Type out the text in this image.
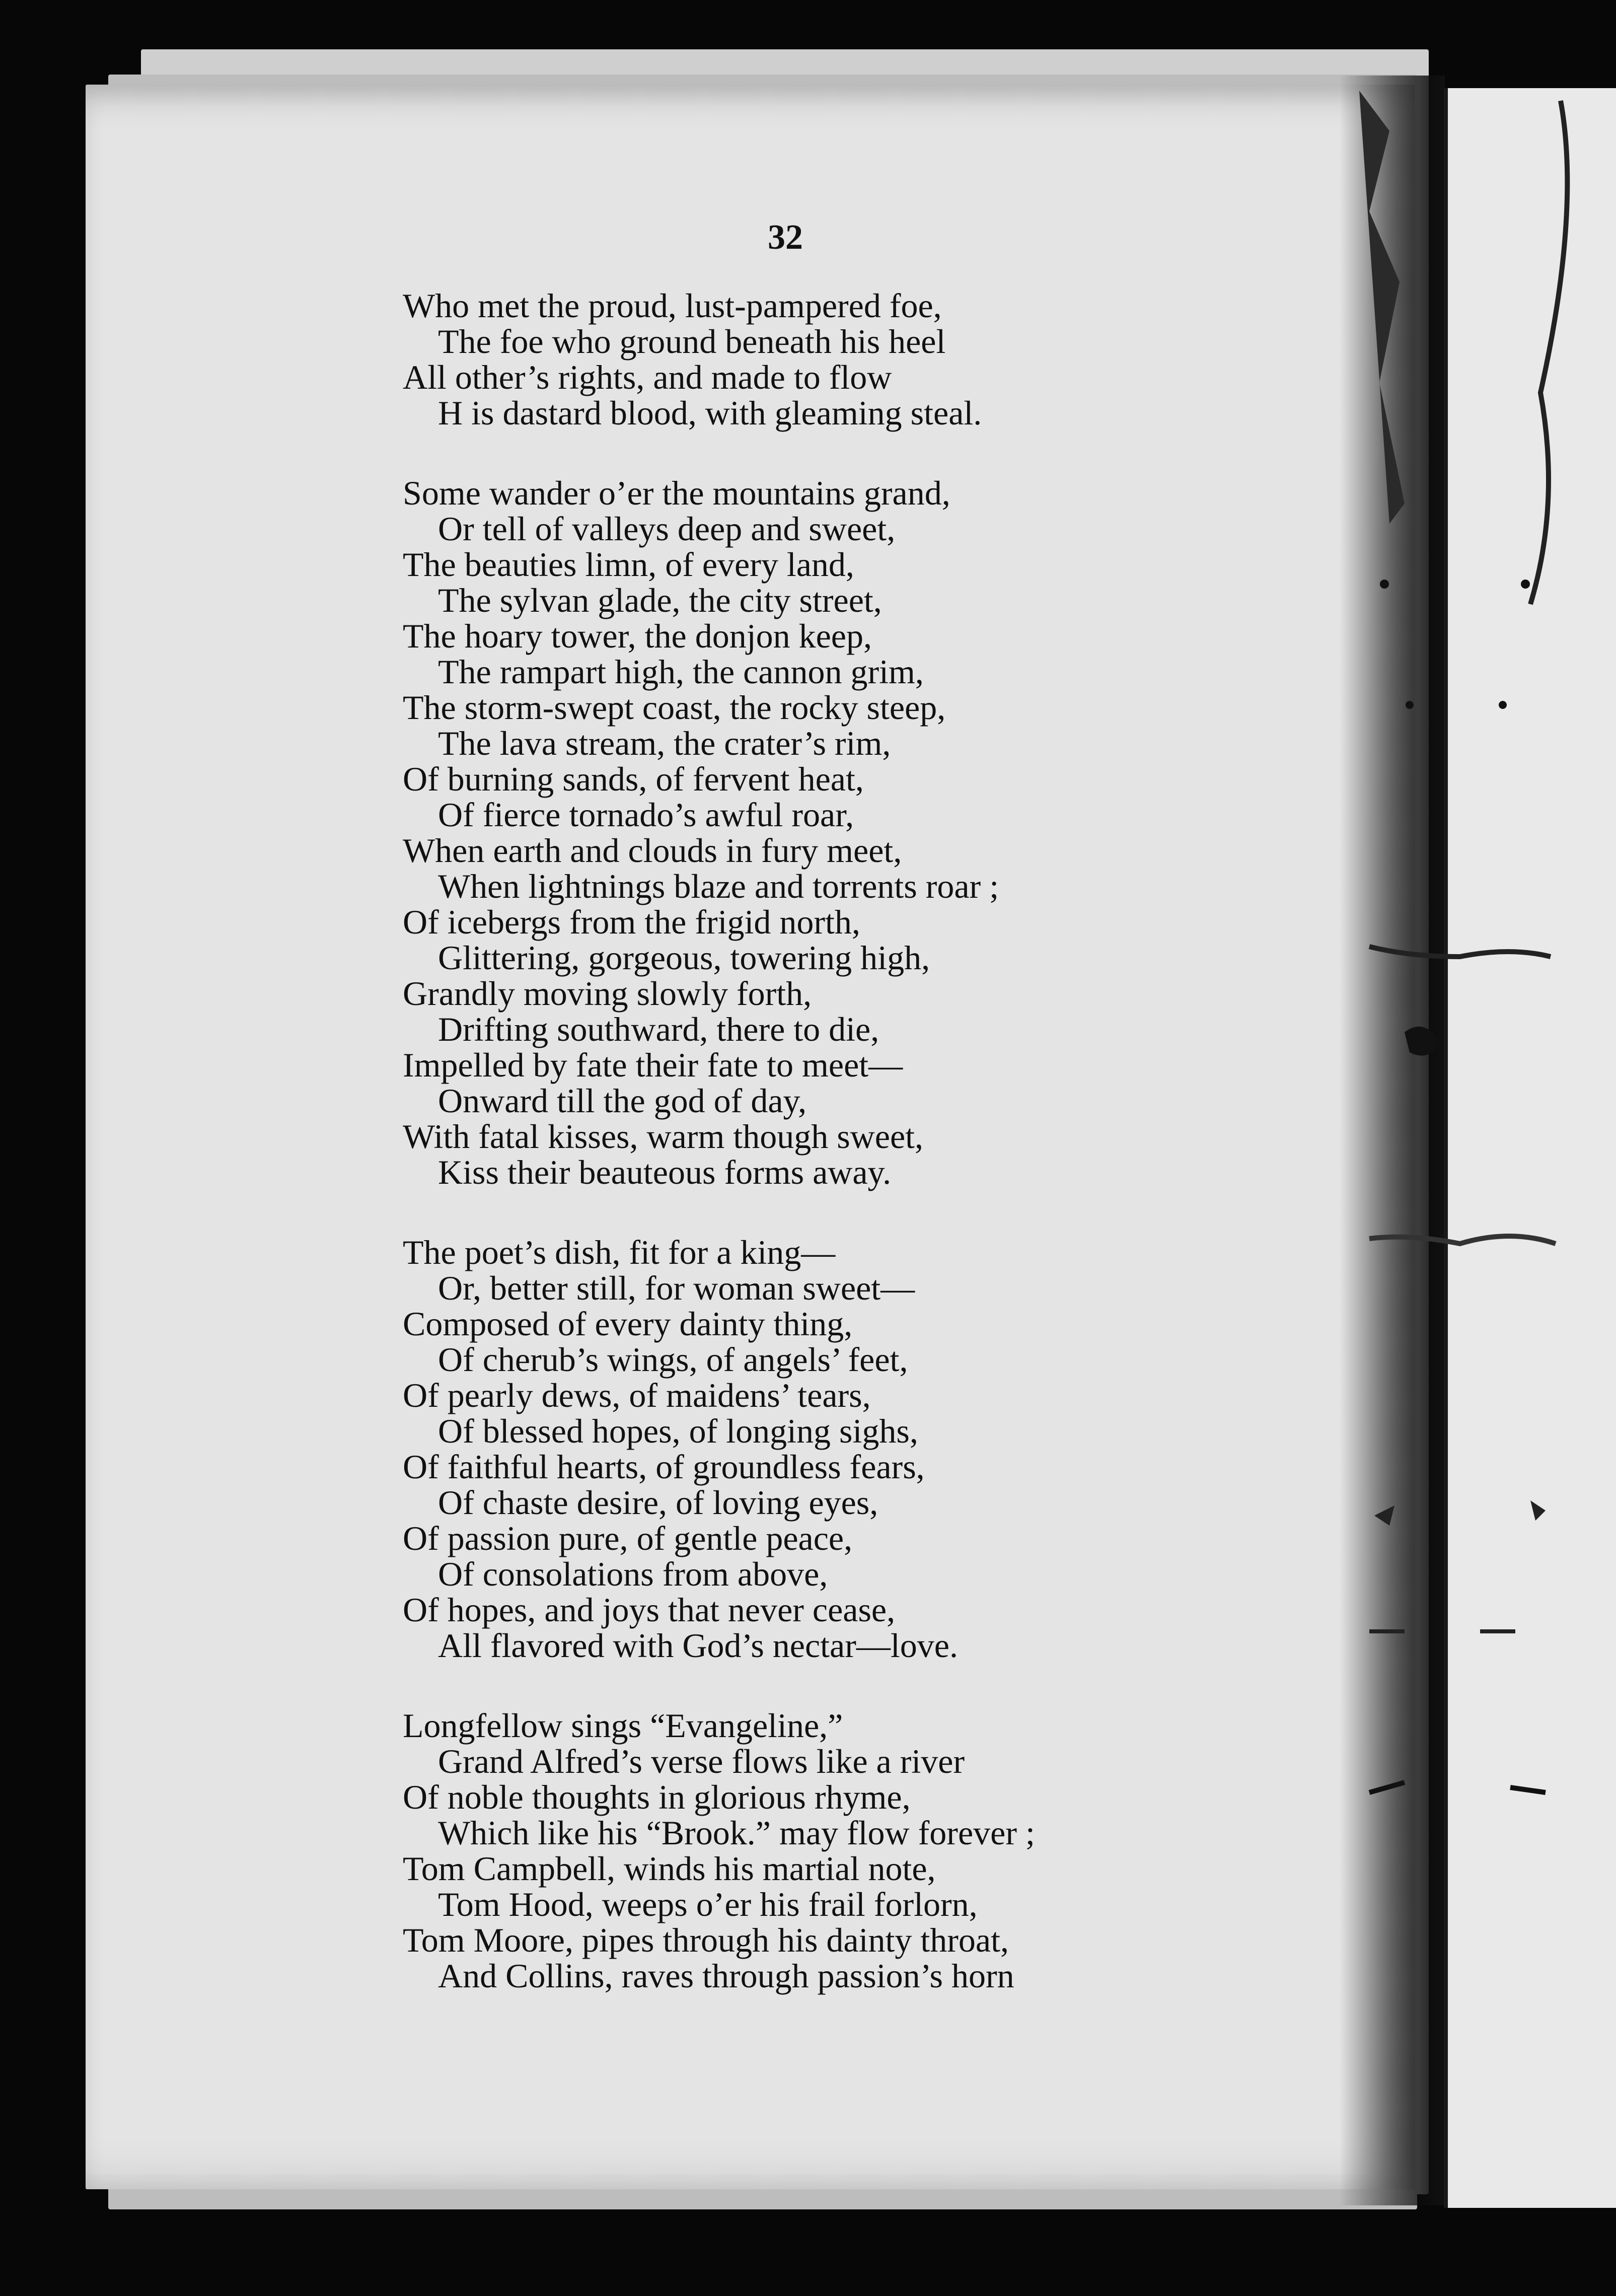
32
Who met the proud, lust-pampered foe,
The foe who ground beneath his heel
All other’s rights, and made to flow
H is dastard blood, with gleaming steal.
Some wander o’er the mountains grand,
Or tell of valleys deep and sweet,
The beauties limn, of every land,
The sylvan glade, the city street,
The hoary tower, the donjon keep,
The rampart high, the cannon grim,
The storm-swept coast, the rocky steep,
The lava stream, the crater’s rim,
Of burning sands, of fervent heat,
Of fierce tornado’s awful roar,
When earth and clouds in fury meet,
When lightnings blaze and torrents roar ;
Of icebergs from the frigid north,
Glittering, gorgeous, towering high,
Grandly moving slowly forth,
Drifting southward, there to die,
Impelled by fate their fate to meet—
Onward till the god of day,
With fatal kisses, warm though sweet,
Kiss their beauteous forms away.
The poet’s dish, fit for a king—
Or, better still, for woman sweet—
Composed of every dainty thing,
Of cherub’s wings, of angels’ feet,
Of pearly dews, of maidens’ tears,
Of blessed hopes, of longing sighs,
Of faithful hearts, of groundless fears,
Of chaste desire, of loving eyes,
Of passion pure, of gentle peace,
Of consolations from above,
Of hopes, and joys that never cease,
All flavored with God’s nectar—love.
Longfellow sings “Evangeline,”
Grand Alfred’s verse flows like a river
Of noble thoughts in glorious rhyme,
Which like his “Brook.” may flow forever ;
Tom Campbell, winds his martial note,
Tom Hood, weeps o’er his frail forlorn,
Tom Moore, pipes through his dainty throat,
And Collins, raves through passion’s horn
